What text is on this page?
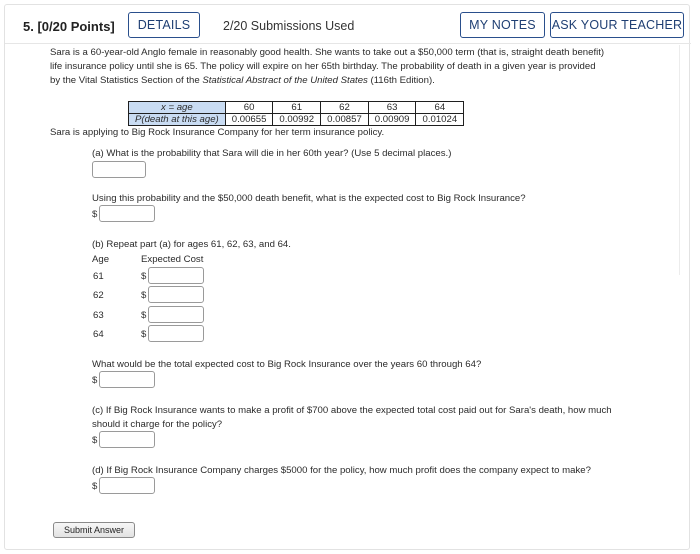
5. [0/20 Points]	DETAILS	2/20 Submissions Used	MY NOTES	ASK YOUR TEACHER

Sara is a 60-year-old Anglo female in reasonably good health. She wants to take out a $50,000 term (that is, straight death benefit)
life insurance policy until she is 65. The policy will expire on her 65th birthday. The probability of death in a given year is provided
by the Vital Statistics Section of the Statistical Abstract of the United States (116th Edition).

x = age	60	61	62	63	64
P(death at this age)	0.00655	0.00992	0.00857	0.00909	0.01024
Sara is applying to Big Rock Insurance Company for her term insurance policy.
(a) What is the probability that Sara will die in her 60th year? (Use 5 decimal places.)
Using this probability and the $50,000 death benefit, what is the expected cost to Big Rock Insurance?
$
(b) Repeat part (a) for ages 61, 62, 63, and 64.
Age	Expected Cost
61	$
62	$
63	$
64	$
What would be the total expected cost to Big Rock Insurance over the years 60 through 64?
$
(c) If Big Rock Insurance wants to make a profit of $700 above the expected total cost paid out for Sara's death, how much
should it charge for the policy?
$
(d) If Big Rock Insurance Company charges $5000 for the policy, how much profit does the company expect to make?
$
Submit Answer
